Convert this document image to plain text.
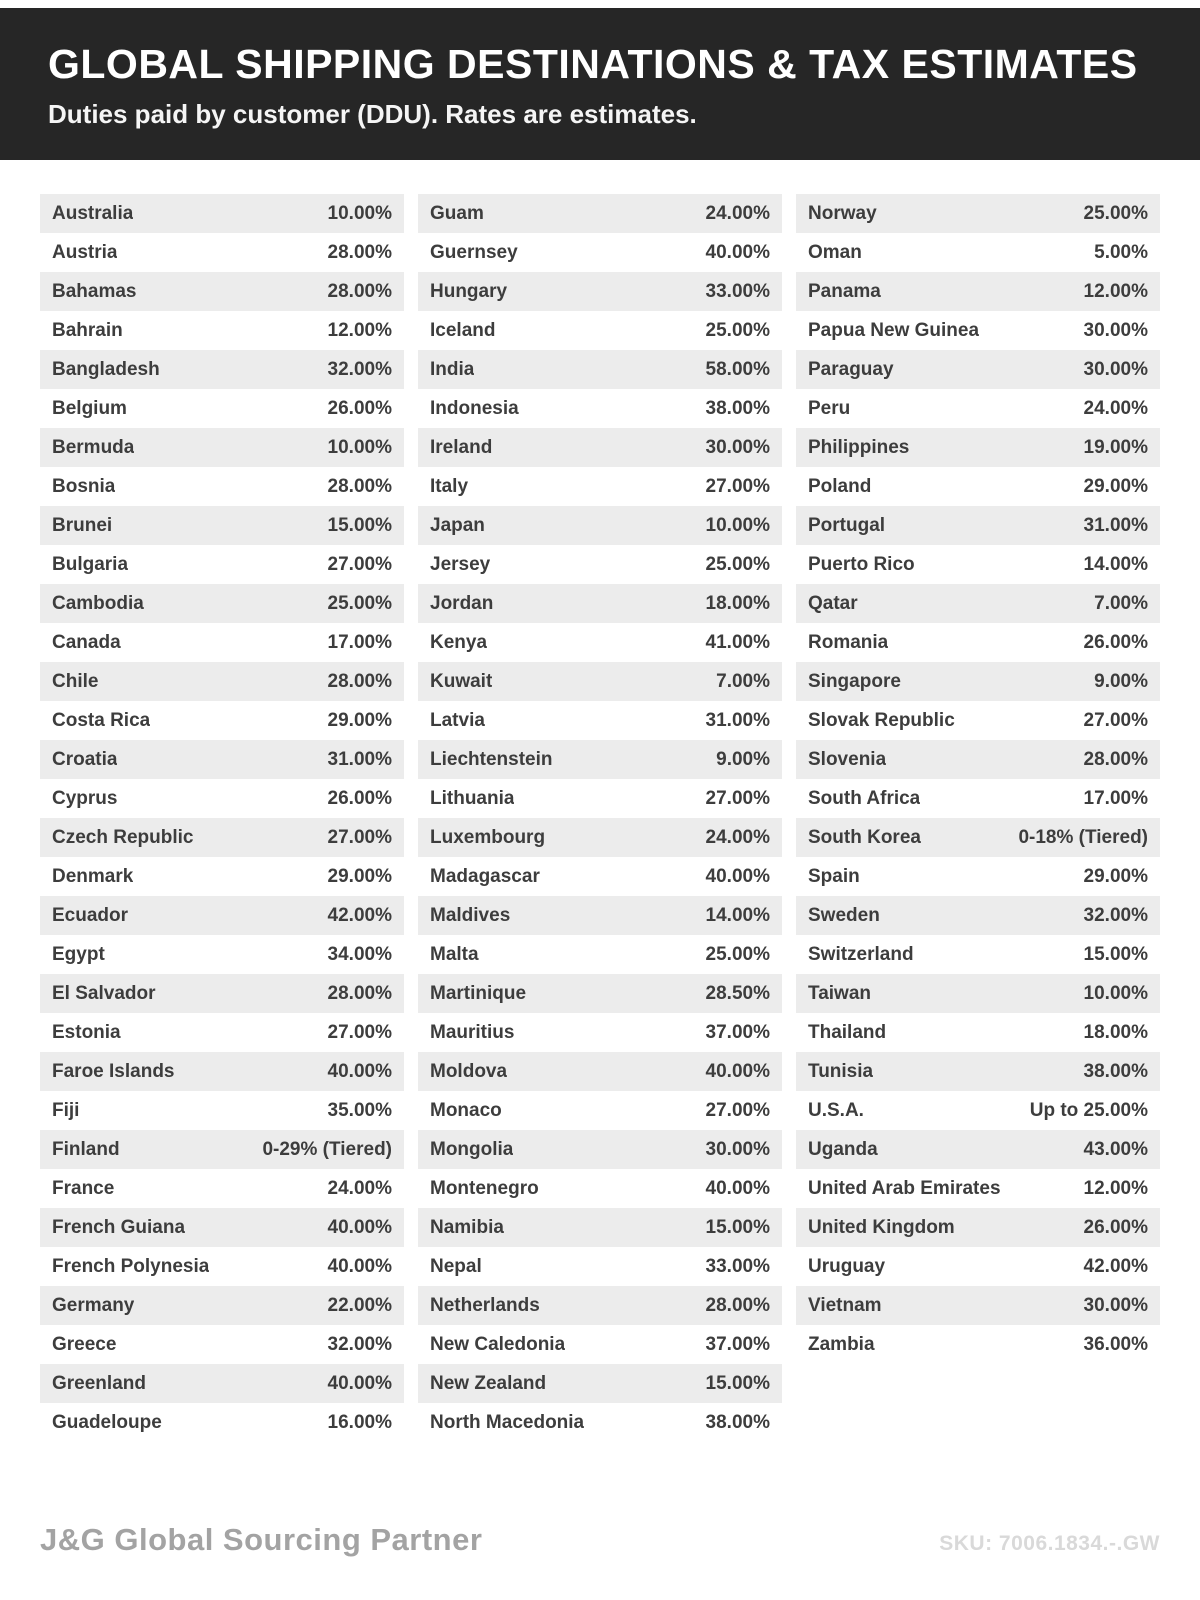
GLOBAL SHIPPING DESTINATIONS & TAX ESTIMATES
Duties paid by customer (DDU). Rates are estimates.
Australia	10.00%
Austria	28.00%
Bahamas	28.00%
Bahrain	12.00%
Bangladesh	32.00%
Belgium	26.00%
Bermuda	10.00%
Bosnia	28.00%
Brunei	15.00%
Bulgaria	27.00%
Cambodia	25.00%
Canada	17.00%
Chile	28.00%
Costa Rica	29.00%
Croatia	31.00%
Cyprus	26.00%
Czech Republic	27.00%
Denmark	29.00%
Ecuador	42.00%
Egypt	34.00%
El Salvador	28.00%
Estonia	27.00%
Faroe Islands	40.00%
Fiji	35.00%
Finland	0-29% (Tiered)
France	24.00%
French Guiana	40.00%
French Polynesia	40.00%
Germany	22.00%
Greece	32.00%
Greenland	40.00%
Guadeloupe	16.00%
Guam	24.00%
Guernsey	40.00%
Hungary	33.00%
Iceland	25.00%
India	58.00%
Indonesia	38.00%
Ireland	30.00%
Italy	27.00%
Japan	10.00%
Jersey	25.00%
Jordan	18.00%
Kenya	41.00%
Kuwait	7.00%
Latvia	31.00%
Liechtenstein	9.00%
Lithuania	27.00%
Luxembourg	24.00%
Madagascar	40.00%
Maldives	14.00%
Malta	25.00%
Martinique	28.50%
Mauritius	37.00%
Moldova	40.00%
Monaco	27.00%
Mongolia	30.00%
Montenegro	40.00%
Namibia	15.00%
Nepal	33.00%
Netherlands	28.00%
New Caledonia	37.00%
New Zealand	15.00%
North Macedonia	38.00%
Norway	25.00%
Oman	5.00%
Panama	12.00%
Papua New Guinea	30.00%
Paraguay	30.00%
Peru	24.00%
Philippines	19.00%
Poland	29.00%
Portugal	31.00%
Puerto Rico	14.00%
Qatar	7.00%
Romania	26.00%
Singapore	9.00%
Slovak Republic	27.00%
Slovenia	28.00%
South Africa	17.00%
South Korea	0-18% (Tiered)
Spain	29.00%
Sweden	32.00%
Switzerland	15.00%
Taiwan	10.00%
Thailand	18.00%
Tunisia	38.00%
U.S.A.	Up to 25.00%
Uganda	43.00%
United Arab Emirates	12.00%
United Kingdom	26.00%
Uruguay	42.00%
Vietnam	30.00%
Zambia	36.00%
J&G Global Sourcing Partner	SKU: 7006.1834.-.GW
